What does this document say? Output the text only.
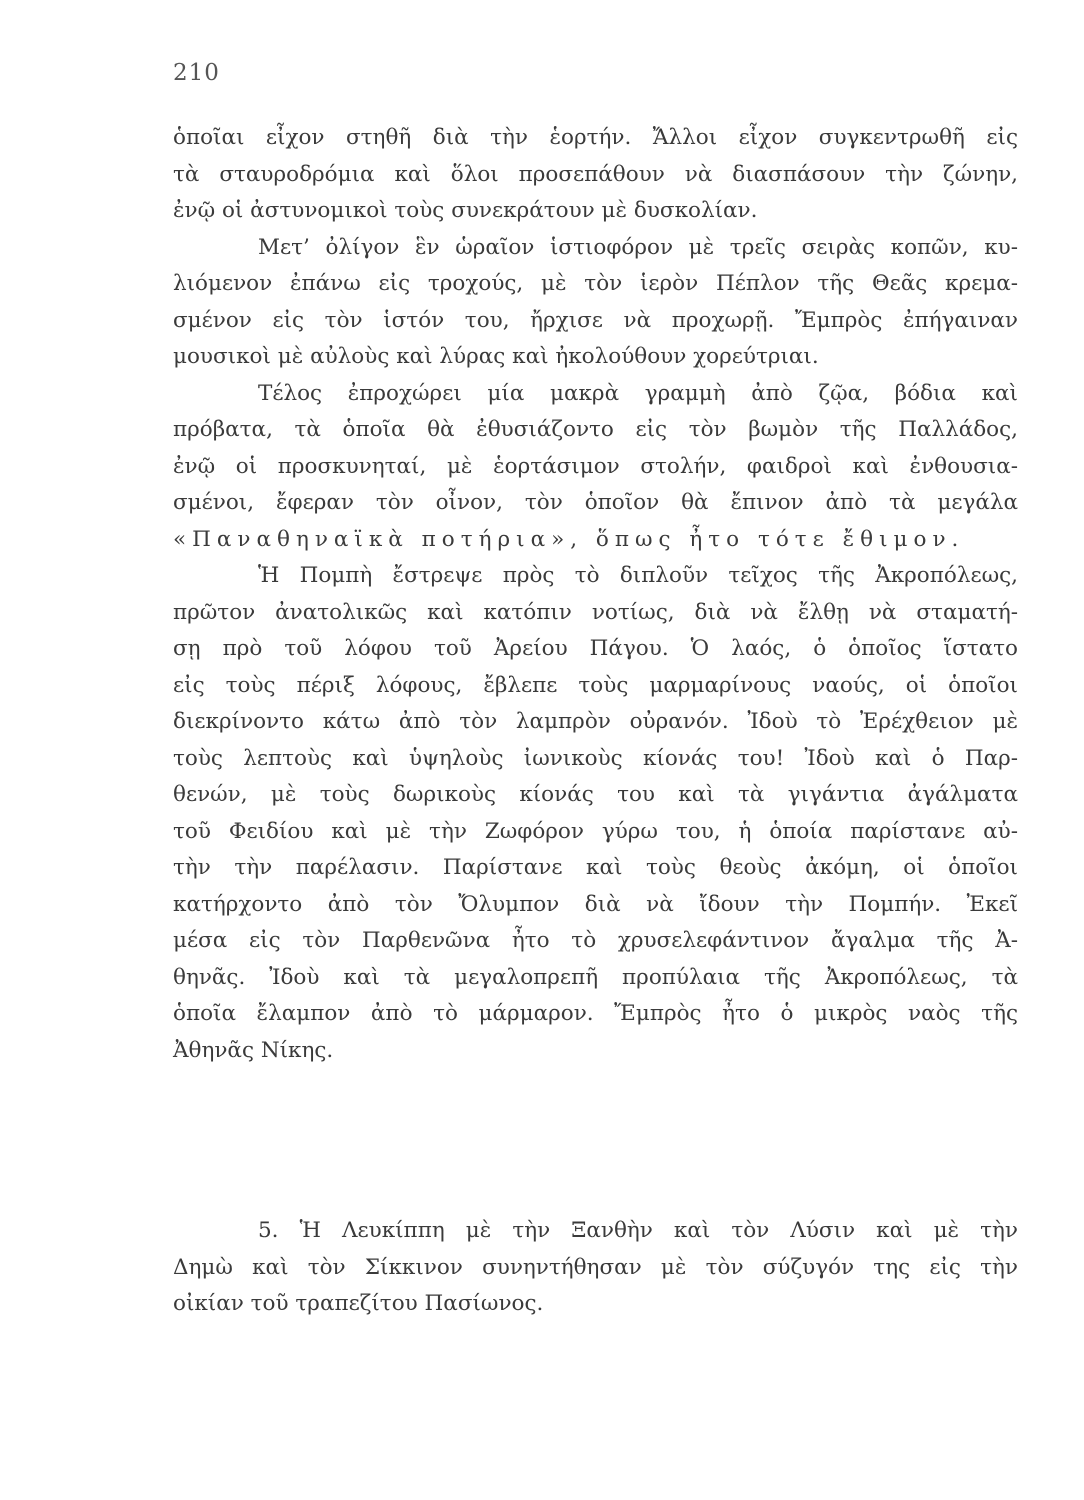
210
ὁποῖαι εἶχον στηθῆ διὰ τὴν ἑορτήν. Ἄλλοι εἶχον συγκεντρωθῆ εἰς
τὰ σταυροδρόμια καὶ ὅλοι προσεπάθουν νὰ διασπάσουν τὴν ζώνην,
ἐνῷ οἱ ἀστυνομικοὶ τοὺς συνεκράτουν μὲ δυσκολίαν.
Μετ’ ὀλίγον ἓν ὡραῖον ἱστιοφόρον μὲ τρεῖς σειρὰς κοπῶν, κυ-
λιόμενον ἐπάνω εἰς τροχούς, μὲ τὸν ἱερὸν Πέπλον τῆς Θεᾶς κρεμα-
σμένον εἰς τὸν ἱστόν του, ἤρχισε νὰ προχωρῇ. Ἔμπρὸς ἐπήγαιναν
μουσικοὶ μὲ αὐλοὺς καὶ λύρας καὶ ἠκολούθουν χορεύτριαι.
Τέλος ἐπροχώρει μία μακρὰ γραμμὴ ἀπὸ ζῷα, βόδια καὶ
πρόβατα, τὰ ὁποῖα θὰ ἐθυσιάζοντο εἰς τὸν βωμὸν τῆς Παλλάδος,
ἐνῷ οἱ προσκυνηταί, μὲ ἑορτάσιμον στολήν, φαιδροὶ καὶ ἐνθουσια-
σμένοι, ἔφεραν τὸν οἶνον, τὸν ὁποῖον θὰ ἔπινον ἀπὸ τὰ μεγάλα
«Παναθηναϊκὰ ποτήρια», ὅπως ἦτο τότε ἔθιμον.
Ἡ Πομπὴ ἔστρεψε πρὸς τὸ διπλοῦν τεῖχος τῆς Ἀκροπόλεως,
πρῶτον ἀνατολικῶς καὶ κατόπιν νοτίως, διὰ νὰ ἔλθῃ νὰ σταματή-
σῃ πρὸ τοῦ λόφου τοῦ Ἀρείου Πάγου. Ὁ λαός, ὁ ὁποῖος ἵστατο
εἰς τοὺς πέριξ λόφους, ἔβλεπε τοὺς μαρμαρίνους ναούς, οἱ ὁποῖοι
διεκρίνοντο κάτω ἀπὸ τὸν λαμπρὸν οὐρανόν. Ἰδοὺ τὸ Ἐρέχθειον μὲ
τοὺς λεπτοὺς καὶ ὑψηλοὺς ἰωνικοὺς κίονάς του! Ἰδοὺ καὶ ὁ Παρ-
θενών, μὲ τοὺς δωρικοὺς κίονάς του καὶ τὰ γιγάντια ἀγάλματα
τοῦ Φειδίου καὶ μὲ τὴν Ζωφόρον γύρω του, ἡ ὁποία παρίστανε αὐ-
τὴν τὴν παρέλασιν. Παρίστανε καὶ τοὺς θεοὺς ἀκόμη, οἱ ὁποῖοι
κατήρχοντο ἀπὸ τὸν Ὄλυμπον διὰ νὰ ἴδουν τὴν Πομπήν. Ἐκεῖ
μέσα εἰς τὸν Παρθενῶνα ἦτο τὸ χρυσελεφάντινον ἄγαλμα τῆς Ἀ-
θηνᾶς. Ἰδοὺ καὶ τὰ μεγαλοπρεπῆ προπύλαια τῆς Ἀκροπόλεως, τὰ
ὁποῖα ἔλαμπον ἀπὸ τὸ μάρμαρον. Ἔμπρὸς ἦτο ὁ μικρὸς ναὸς τῆς
Ἀθηνᾶς Νίκης.
5. Ἡ Λευκίππη μὲ τὴν Ξανθὴν καὶ τὸν Λύσιν καὶ μὲ τὴν
Δημὼ καὶ τὸν Σίκκινον συνηντήθησαν μὲ τὸν σύζυγόν της εἰς τὴν
οἰκίαν τοῦ τραπεζίτου Πασίωνος.
